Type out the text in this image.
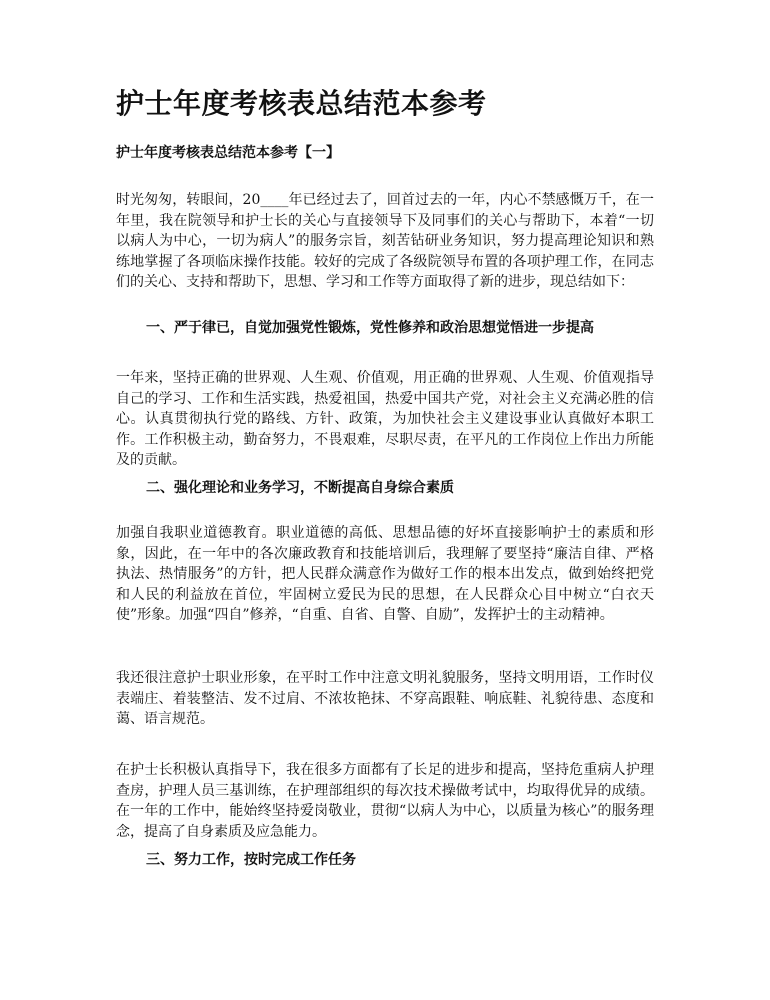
护士年度考核表总结范本参考
护士年度考核表总结范本参考【一】

时光匆匆，转眼间，20____年已经过去了，回首过去的一年，内心不禁感慨万千，在一年里，我在院领导和护士长的关心与直接领导下及同事们的关心与帮助下，本着“一切以病人为中心，一切为病人”的服务宗旨，刻苦钻研业务知识，努力提高理论知识和熟练地掌握了各项临床操作技能。较好的完成了各级院领导布置的各项护理工作，在同志们的关心、支持和帮助下，思想、学习和工作等方面取得了新的进步，现总结如下：

一、严于律已，自觉加强党性锻炼，党性修养和政治思想觉悟进一步提高

一年来，坚持正确的世界观、人生观、价值观，用正确的世界观、人生观、价值观指导自己的学习、工作和生活实践，热爱祖国，热爱中国共产党，对社会主义充满必胜的信心。认真贯彻执行党的路线、方针、政策，为加快社会主义建设事业认真做好本职工作。工作积极主动，勤奋努力，不畏艰难，尽职尽责，在平凡的工作岗位上作出力所能及的贡献。

二、强化理论和业务学习，不断提高自身综合素质

加强自我职业道德教育。职业道德的高低、思想品德的好坏直接影响护士的素质和形象，因此，在一年中的各次廉政教育和技能培训后，我理解了要坚持“廉洁自律、严格执法、热情服务”的方针，把人民群众满意作为做好工作的根本出发点，做到始终把党和人民的利益放在首位，牢固树立爱民为民的思想，在人民群众心目中树立“白衣天使”形象。加强“四自”修养，“自重、自省、自警、自励”，发挥护士的主动精神。

我还很注意护士职业形象，在平时工作中注意文明礼貌服务，坚持文明用语，工作时仪表端庄、着装整洁、发不过肩、不浓妆艳抹、不穿高跟鞋、响底鞋、礼貌待患、态度和蔼、语言规范。

在护士长积极认真指导下，我在很多方面都有了长足的进步和提高，坚持危重病人护理查房，护理人员三基训练，在护理部组织的每次技术操做考试中，均取得优异的成绩。在一年的工作中，能始终坚持爱岗敬业，贯彻“以病人为中心，以质量为核心”的服务理念，提高了自身素质及应急能力。

三、努力工作，按时完成工作任务
